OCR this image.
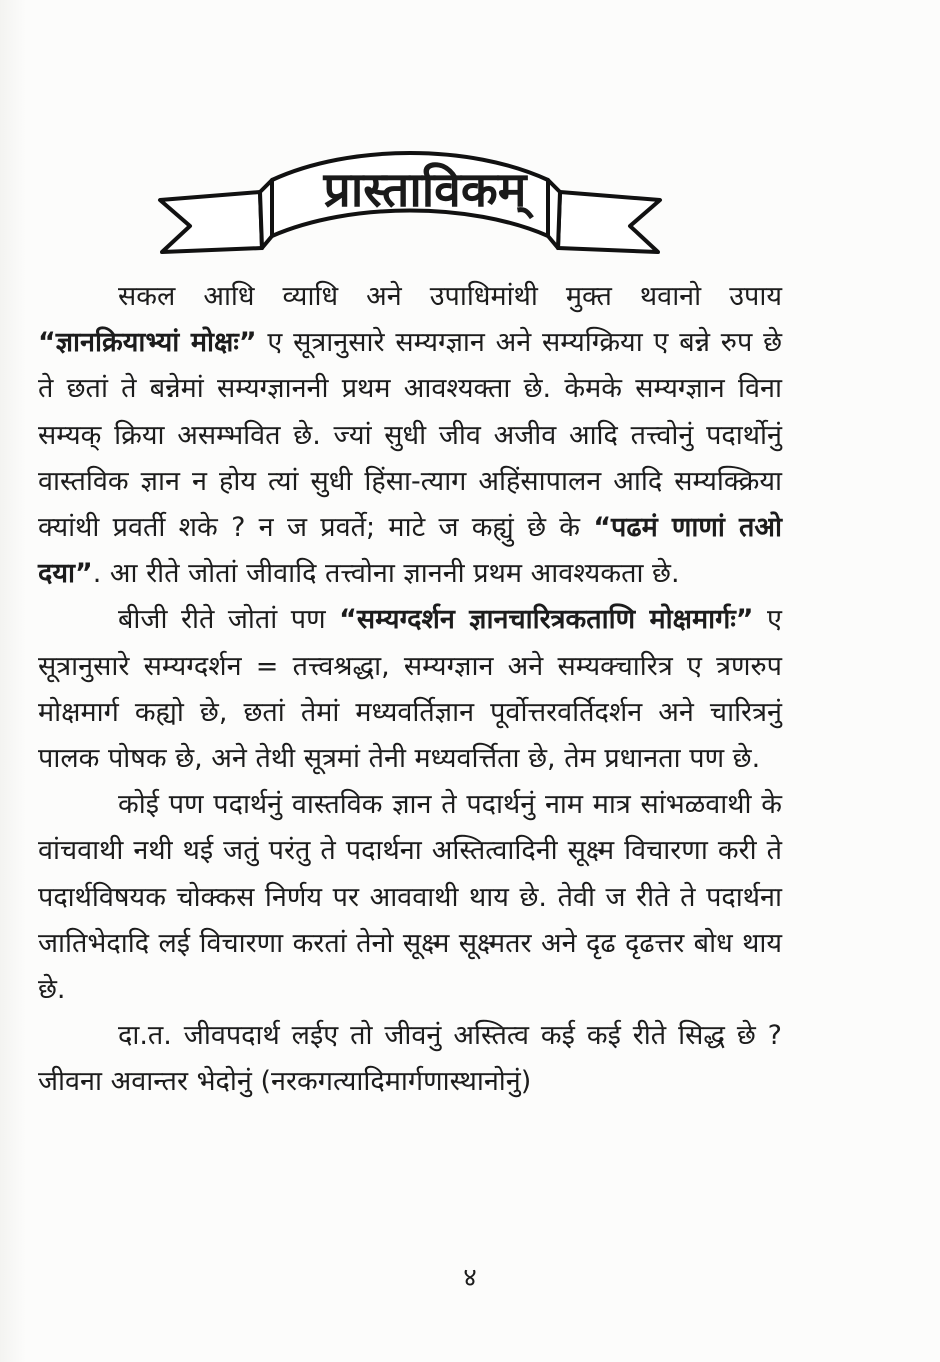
प्रास्ताविकम्

सकल आधि व्याधि अने उपाधिमांथी मुक्त थवानो उपाय “ज्ञानक्रियाभ्यां मोक्षः” ए सूत्रानुसारे सम्यग्ज्ञान अने सम्यग्क्रिया ए बन्ने रुप छे ते छतां ते बन्नेमां सम्यग्ज्ञाननी प्रथम आवश्यक्ता छे. केमके सम्यग्ज्ञान विना सम्यक् क्रिया असम्भवित छे. ज्यां सुधी जीव अजीव आदि तत्त्वोनुं पदार्थोनुं वास्तविक ज्ञान न होय त्यां सुधी हिंसा-त्याग अहिंसापालन आदि सम्यक्क्रिया क्यांथी प्रवर्ती शके ? न ज प्रवर्ते; माटे ज कह्युं छे के “पढमं णाणां तओ दया”. आ रीते जोतां जीवादि तत्त्वोना ज्ञाननी प्रथम आवश्यकता छे.

बीजी रीते जोतां पण “सम्यग्दर्शन ज्ञानचारित्रकताणि मोक्षमार्गः” ए सूत्रानुसारे सम्यग्दर्शन = तत्त्वश्रद्धा, सम्यग्ज्ञान अने सम्यक्चारित्र ए त्रणरुप मोक्षमार्ग कह्यो छे, छतां तेमां मध्यवर्तिज्ञान पूर्वोत्तरवर्तिदर्शन अने चारित्रनुं पालक पोषक छे, अने तेथी सूत्रमां तेनी मध्यवर्त्तिता छे, तेम प्रधानता पण छे.

कोई पण पदार्थनुं वास्तविक ज्ञान ते पदार्थनुं नाम मात्र सांभळवाथी के वांचवाथी नथी थई जतुं परंतु ते पदार्थना अस्तित्वादिनी सूक्ष्म विचारणा करी ते पदार्थविषयक चोक्कस निर्णय पर आववाथी थाय छे. तेवी ज रीते ते पदार्थना जातिभेदादि लई विचारणा करतां तेनो सूक्ष्म सूक्ष्मतर अने दृढ दृढत्तर बोध थाय छे.

दा.त. जीवपदार्थ लईए तो जीवनुं अस्तित्व कई कई रीते सिद्ध छे ? जीवना अवान्तर भेदोनुं (नरकगत्यादिमार्गणास्थानोनुं)

४
